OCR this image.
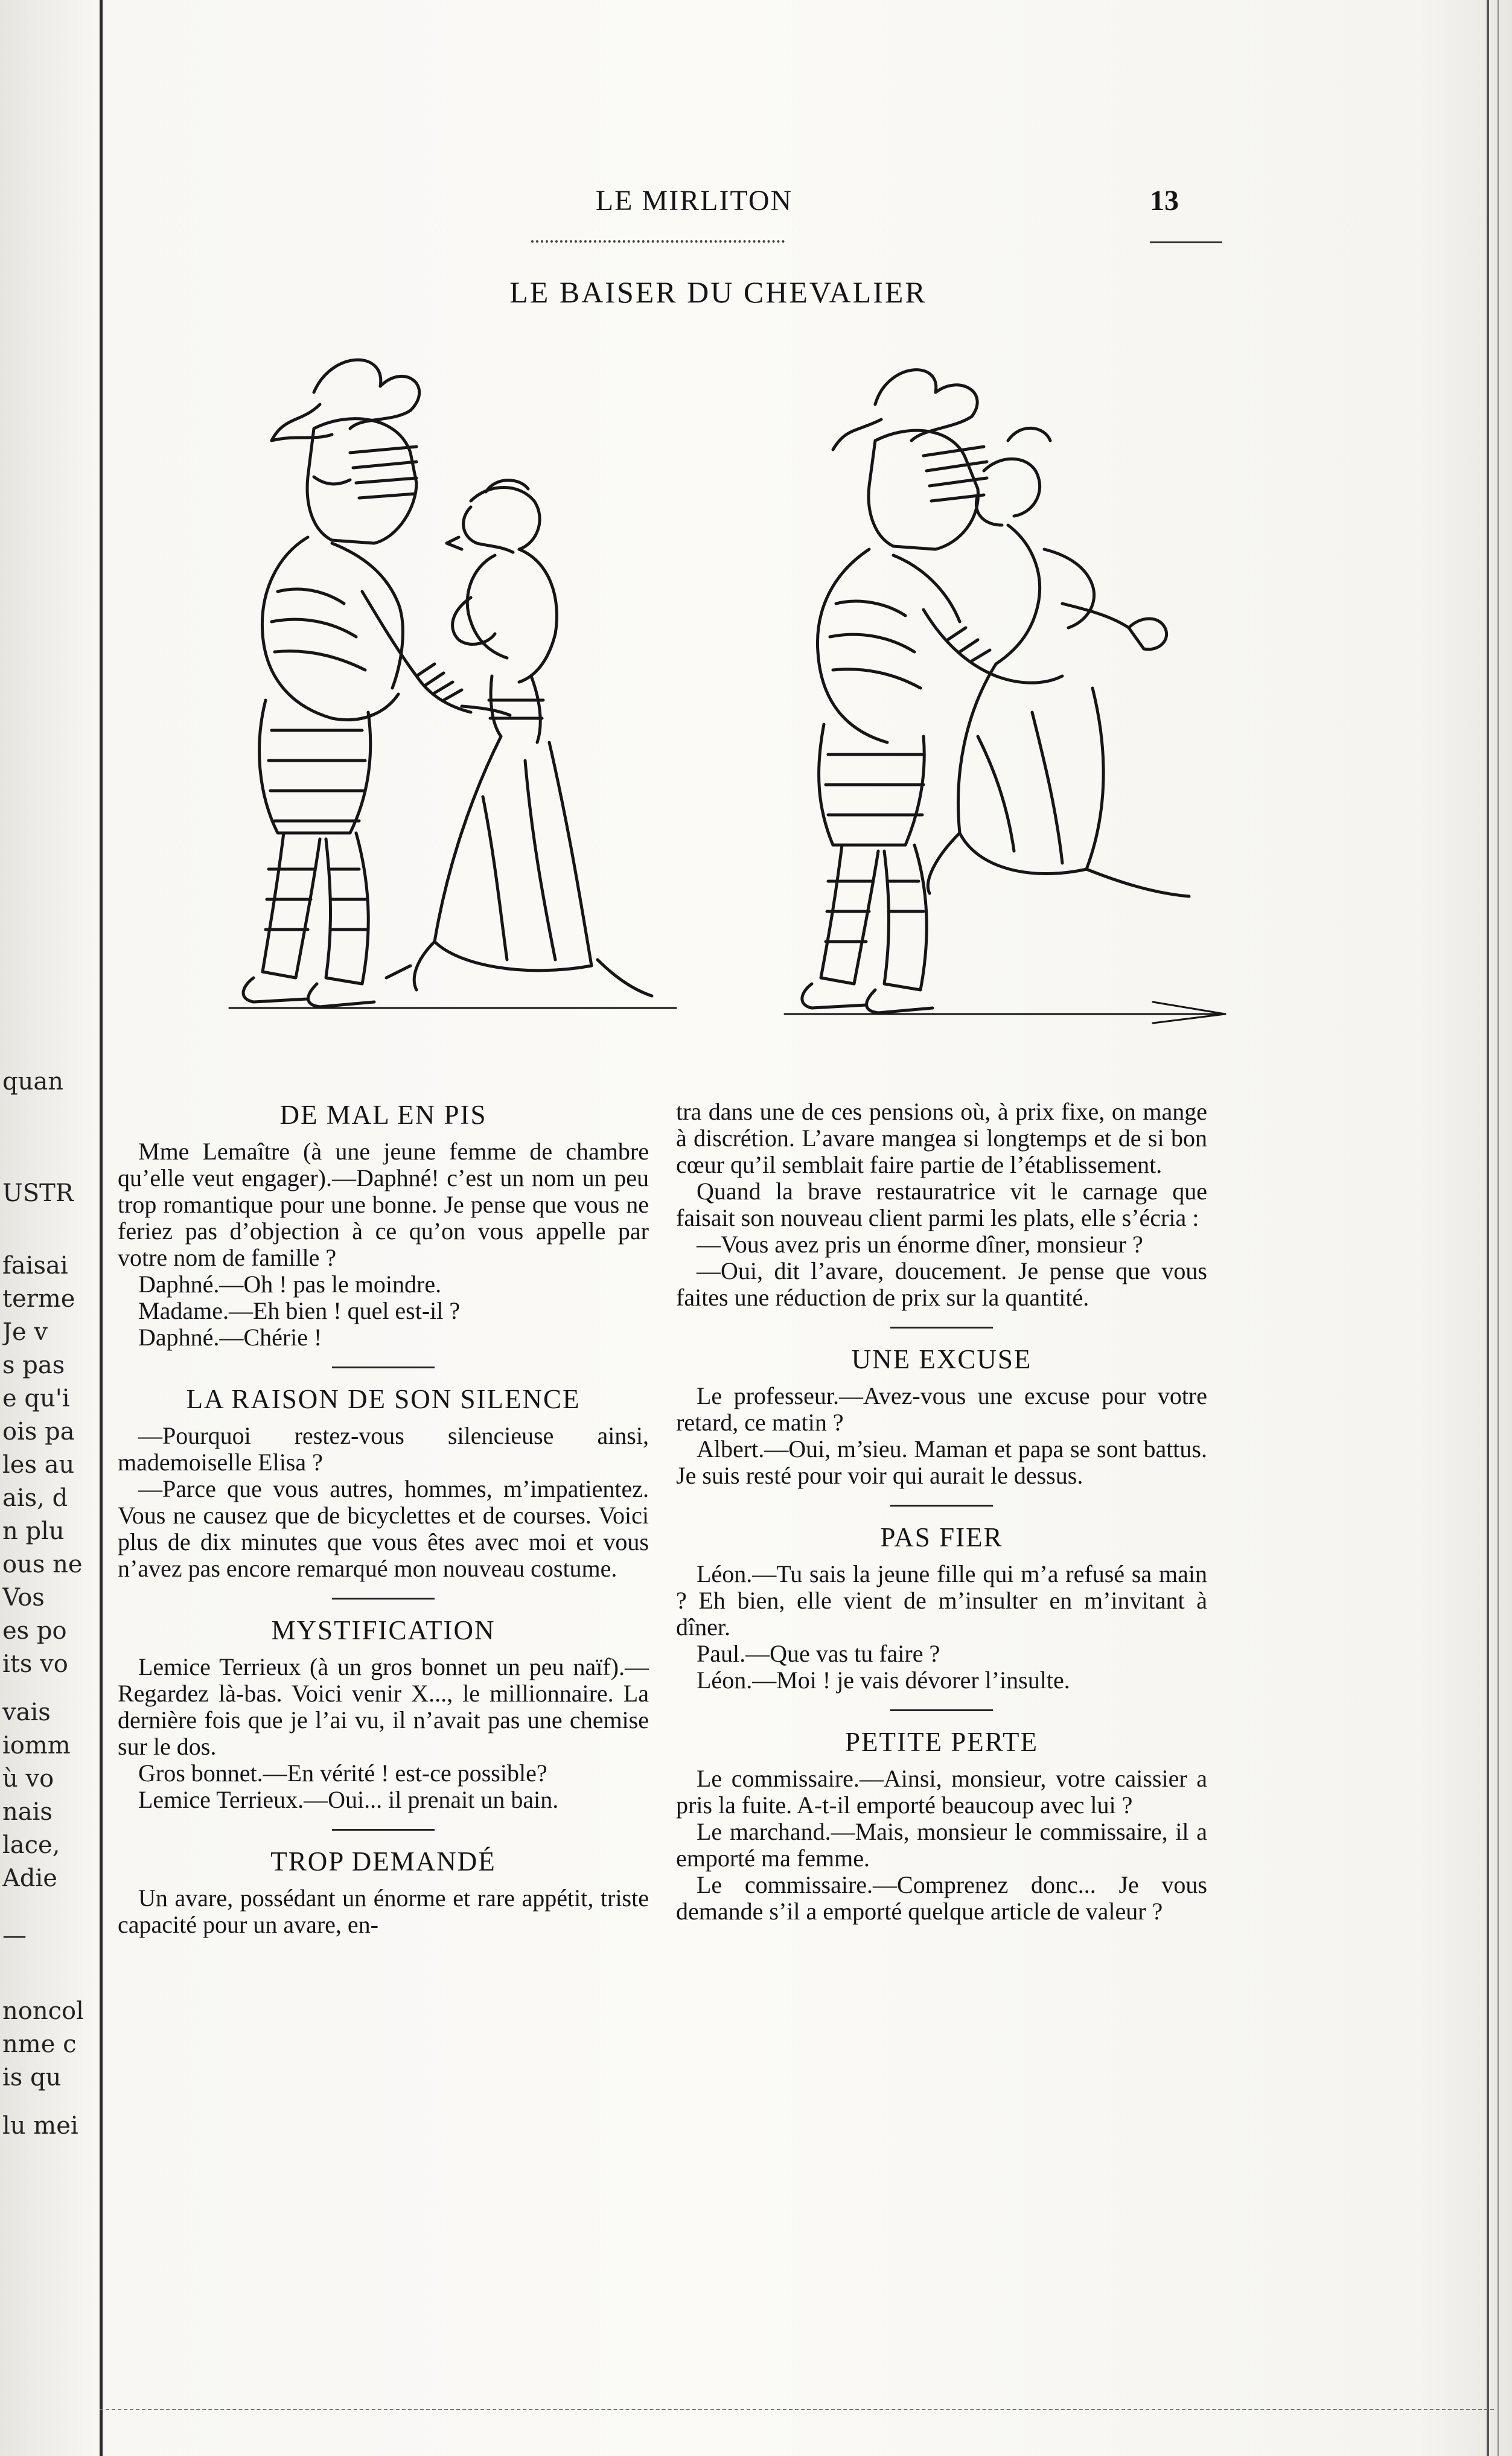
quan
USTR
faisai
terme
Je v
s pas
e qu'i
ois pa
les au
ais, d
n plu
ous ne
Vos
es po
its vo
vais
iomm
ù vo
nais
lace,
Adie
—
noncol
nme c
is qu
lu mei
LE MIRLITON	13
LE BAISER DU CHEVALIER
DE MAL EN PIS

Mme Lemaître (à une jeune femme de chambre qu’elle veut engager).—Daphné! c’est un nom un peu trop romantique pour une bonne. Je pense que vous ne feriez pas d’objection à ce qu’on vous appelle par votre nom de famille ?

Daphné.—Oh ! pas le moindre.

Madame.—Eh bien ! quel est-il ?

Daphné.—Chérie !

LA RAISON DE SON SILENCE

—Pourquoi restez-vous silencieuse ainsi, mademoiselle Elisa ?

—Parce que vous autres, hommes, m’impatientez. Vous ne causez que de bicyclettes et de courses. Voici plus de dix minutes que vous êtes avec moi et vous n’avez pas encore remarqué mon nouveau costume.

MYSTIFICATION

Lemice Terrieux (à un gros bonnet un peu naïf).—Regardez là-bas. Voici venir X..., le millionnaire. La dernière fois que je l’ai vu, il n’avait pas une chemise sur le dos.

Gros bonnet.—En vérité ! est-ce possible?

Lemice Terrieux.—Oui... il prenait un bain.

TROP DEMANDÉ

Un avare, possédant un énorme et rare appétit, triste capacité pour un avare, en-

tra dans une de ces pensions où, à prix fixe, on mange à discrétion. L’avare mangea si longtemps et de si bon cœur qu’il semblait faire partie de l’établissement.

Quand la brave restauratrice vit le carnage que faisait son nouveau client parmi les plats, elle s’écria :

—Vous avez pris un énorme dîner, monsieur ?

—Oui, dit l’avare, doucement. Je pense que vous faites une réduction de prix sur la quantité.

UNE EXCUSE

Le professeur.—Avez-vous une excuse pour votre retard, ce matin ?

Albert.—Oui, m’sieu. Maman et papa se sont battus. Je suis resté pour voir qui aurait le dessus.

PAS FIER

Léon.—Tu sais la jeune fille qui m’a refusé sa main ? Eh bien, elle vient de m’insulter en m’invitant à dîner.

Paul.—Que vas tu faire ?

Léon.—Moi ! je vais dévorer l’insulte.

PETITE PERTE

Le commissaire.—Ainsi, monsieur, votre caissier a pris la fuite. A-t-il emporté beaucoup avec lui ?

Le marchand.—Mais, monsieur le commissaire, il a emporté ma femme.

Le commissaire.—Comprenez donc... Je vous demande s’il a emporté quelque article de valeur ?
